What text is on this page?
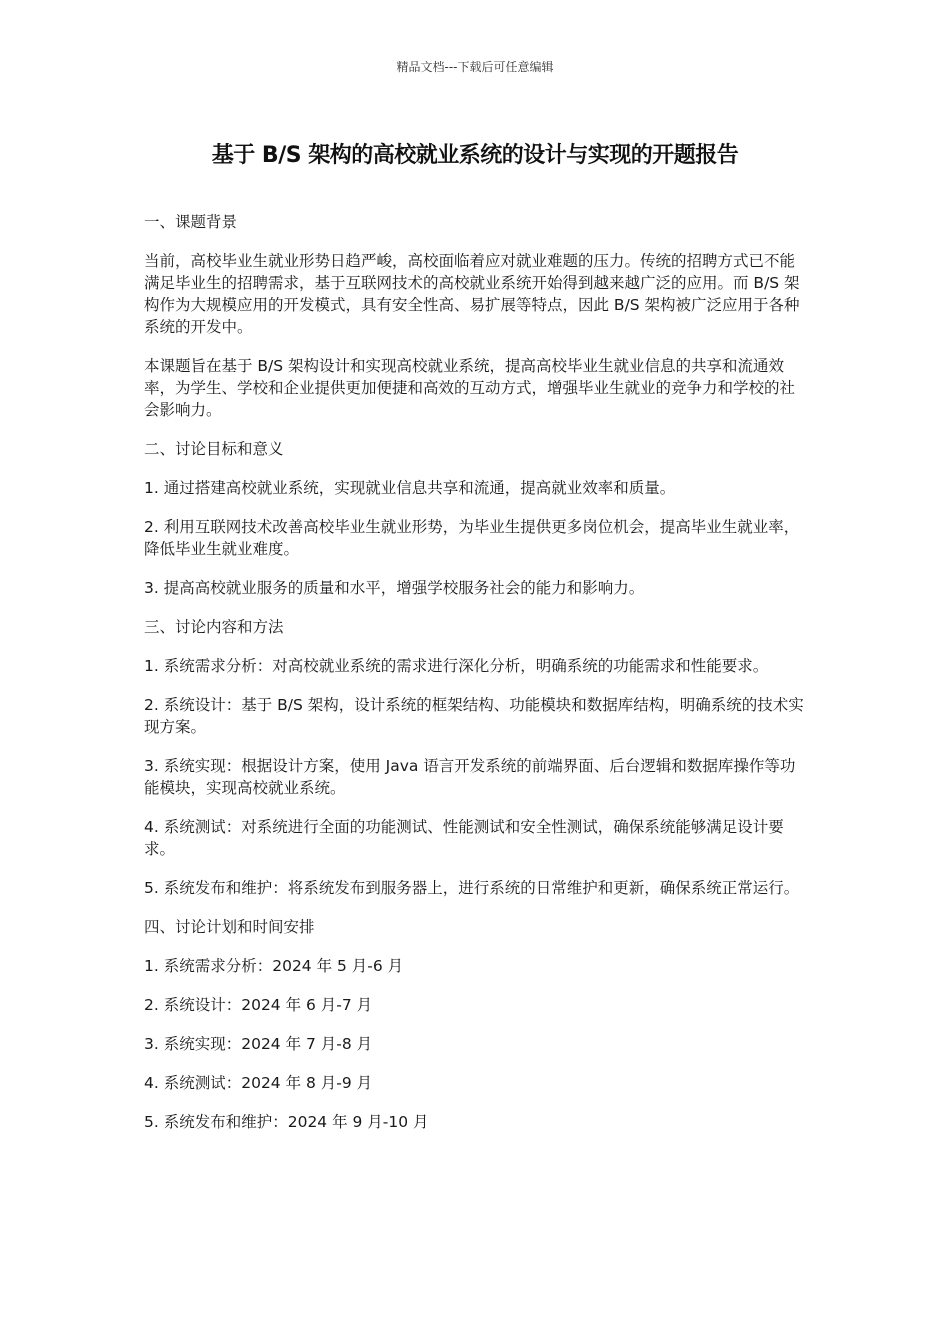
精品文档---下载后可任意编辑
基于 B/S 架构的高校就业系统的设计与实现的开题报告

一、课题背景

当前，高校毕业生就业形势日趋严峻，高校面临着应对就业难题的压力。传统的招聘方式已不能满足毕业生的招聘需求，基于互联网技术的高校就业系统开始得到越来越广泛的应用。而 B/S 架构作为大规模应用的开发模式，具有安全性高、易扩展等特点，因此 B/S 架构被广泛应用于各种系统的开发中。

本课题旨在基于 B/S 架构设计和实现高校就业系统，提高高校毕业生就业信息的共享和流通效率，为学生、学校和企业提供更加便捷和高效的互动方式，增强毕业生就业的竞争力和学校的社会影响力。

二、讨论目标和意义

1. 通过搭建高校就业系统，实现就业信息共享和流通，提高就业效率和质量。

2. 利用互联网技术改善高校毕业生就业形势，为毕业生提供更多岗位机会，提高毕业生就业率，降低毕业生就业难度。

3. 提高高校就业服务的质量和水平，增强学校服务社会的能力和影响力。

三、讨论内容和方法

1. 系统需求分析：对高校就业系统的需求进行深化分析，明确系统的功能需求和性能要求。

2. 系统设计：基于 B/S 架构，设计系统的框架结构、功能模块和数据库结构，明确系统的技术实现方案。

3. 系统实现：根据设计方案，使用 Java 语言开发系统的前端界面、后台逻辑和数据库操作等功能模块，实现高校就业系统。

4. 系统测试：对系统进行全面的功能测试、性能测试和安全性测试，确保系统能够满足设计要求。

5. 系统发布和维护：将系统发布到服务器上，进行系统的日常维护和更新，确保系统正常运行。

四、讨论计划和时间安排

1. 系统需求分析：2024 年 5 月-6 月

2. 系统设计：2024 年 6 月-7 月

3. 系统实现：2024 年 7 月-8 月

4. 系统测试：2024 年 8 月-9 月

5. 系统发布和维护：2024 年 9 月-10 月
